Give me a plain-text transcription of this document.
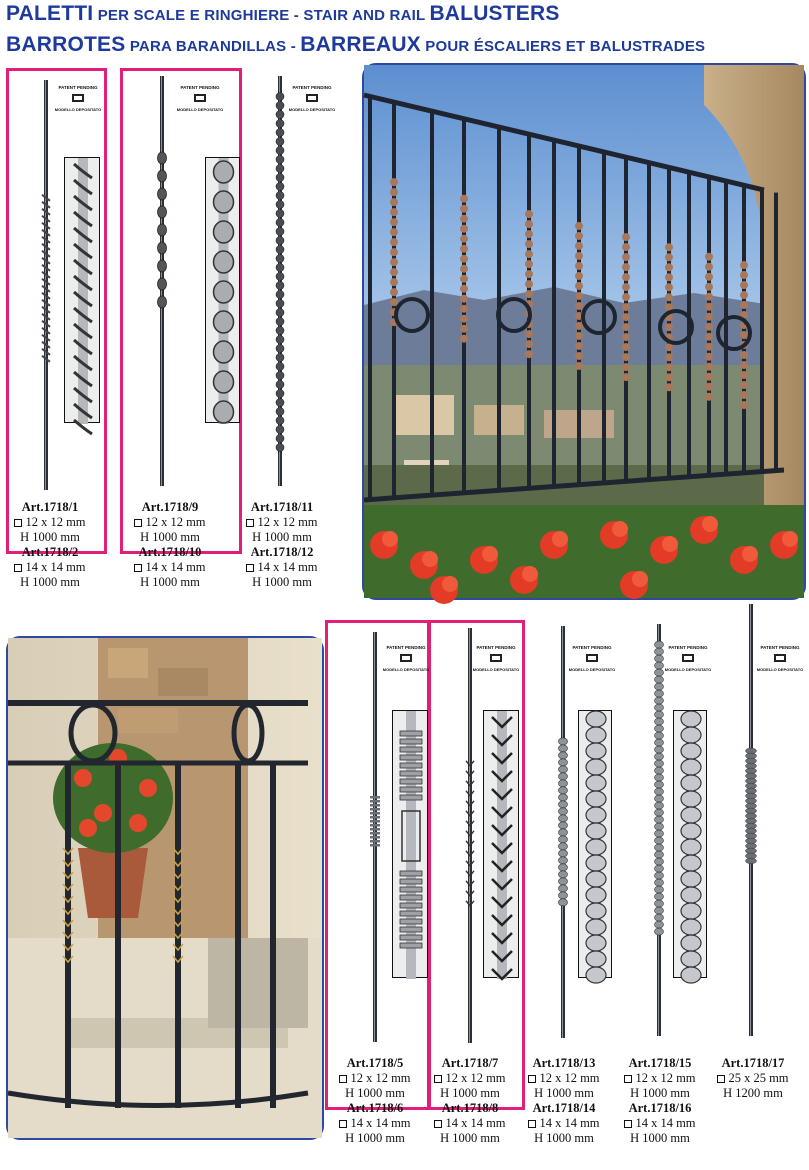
PALETTI PER SCALE E RINGHIERE - STAIR AND RAIL BALUSTERS
BARROTES PARA BARANDILLAS - BARREAUX POUR ÉSCALIERS ET BALUSTRADES
PATENT PENDING
MODELLO DEPOSITATO
PATENT PENDING
MODELLO DEPOSITATO
PATENT PENDING
MODELLO DEPOSITATO
PATENT PENDING
MODELLO DEPOSITATO
PATENT PENDING
MODELLO DEPOSITATO
PATENT PENDING
MODELLO DEPOSITATO
PATENT PENDING
MODELLO DEPOSITATO
PATENT PENDING
MODELLO DEPOSITATO
Art.1718/1
12 x 12 mm
H 1000 mm
Art.1718/2
14 x 14 mm
H 1000 mm
Art.1718/9
12 x 12 mm
H 1000 mm
Art.1718/10
14 x 14 mm
H 1000 mm
Art.1718/11
12 x 12 mm
H 1000 mm
Art.1718/12
14 x 14 mm
H 1000 mm
Art.1718/5
12 x 12 mm
H 1000 mm
Art.1718/6
14 x 14 mm
H 1000 mm
Art.1718/7
12 x 12 mm
H 1000 mm
Art.1718/8
14 x 14 mm
H 1000 mm
Art.1718/13
12 x 12 mm
H 1000 mm
Art.1718/14
14 x 14 mm
H 1000 mm
Art.1718/15
12 x 12 mm
H 1000 mm
Art.1718/16
14 x 14 mm
H 1000 mm
Art.1718/17
25 x 25 mm
H 1200 mm
